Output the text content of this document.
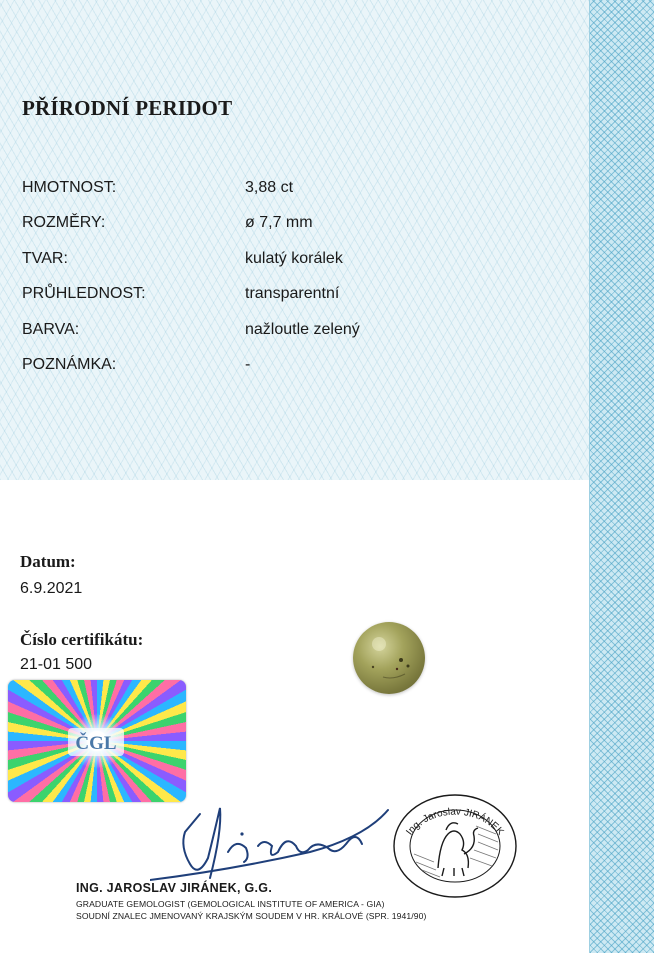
PŘÍRODNÍ PERIDOT
HMOTNOST:	3,88 ct
ROZMĚRY:	ø 7,7 mm
TVAR:	kulatý korálek
PRŮHLEDNOST:	transparentní
BARVA:	nažloutle zelený
POZNÁMKA:	-
Datum:
6.9.2021
Číslo certifikátu:
21-01 500
ČGL
Ing. Jaroslav JIRÁNEK
ING. JAROSLAV JIRÁNEK, G.G.
GRADUATE GEMOLOGIST (GEMOLOGICAL INSTITUTE OF AMERICA - GIA)
SOUDNÍ ZNALEC JMENOVANÝ KRAJSKÝM SOUDEM V HR. KRÁLOVÉ (SPR. 1941/90)
